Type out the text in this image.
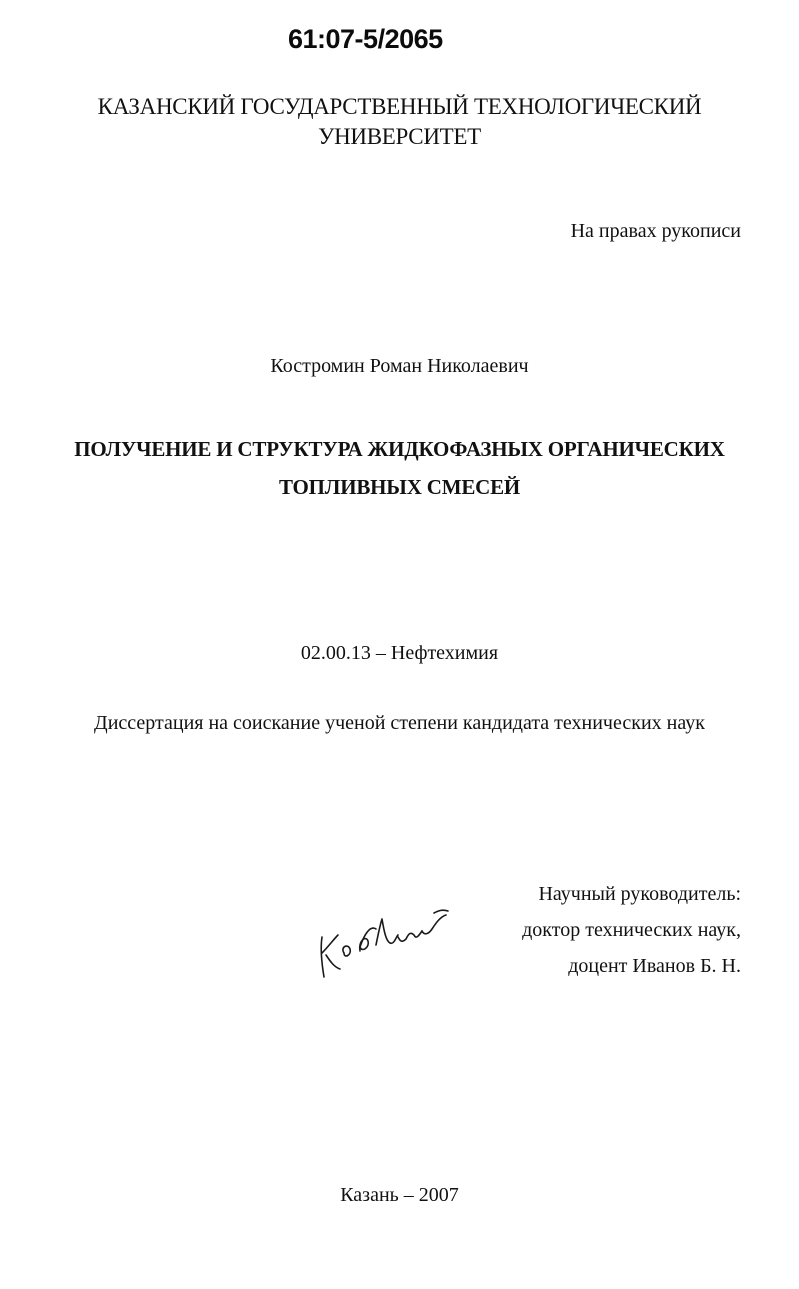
61:07-5/2065
КАЗАНСКИЙ ГОСУДАРСТВЕННЫЙ ТЕХНОЛОГИЧЕСКИЙ
УНИВЕРСИТЕТ
На правах рукописи
Костромин Роман Николаевич
ПОЛУЧЕНИЕ И СТРУКТУРА ЖИДКОФАЗНЫХ ОРГАНИЧЕСКИХ
ТОПЛИВНЫХ СМЕСЕЙ
02.00.13 – Нефтехимия
Диссертация на соискание ученой степени кандидата технических наук
Научный руководитель:
доктор технических наук,
доцент Иванов Б. Н.
Казань – 2007
